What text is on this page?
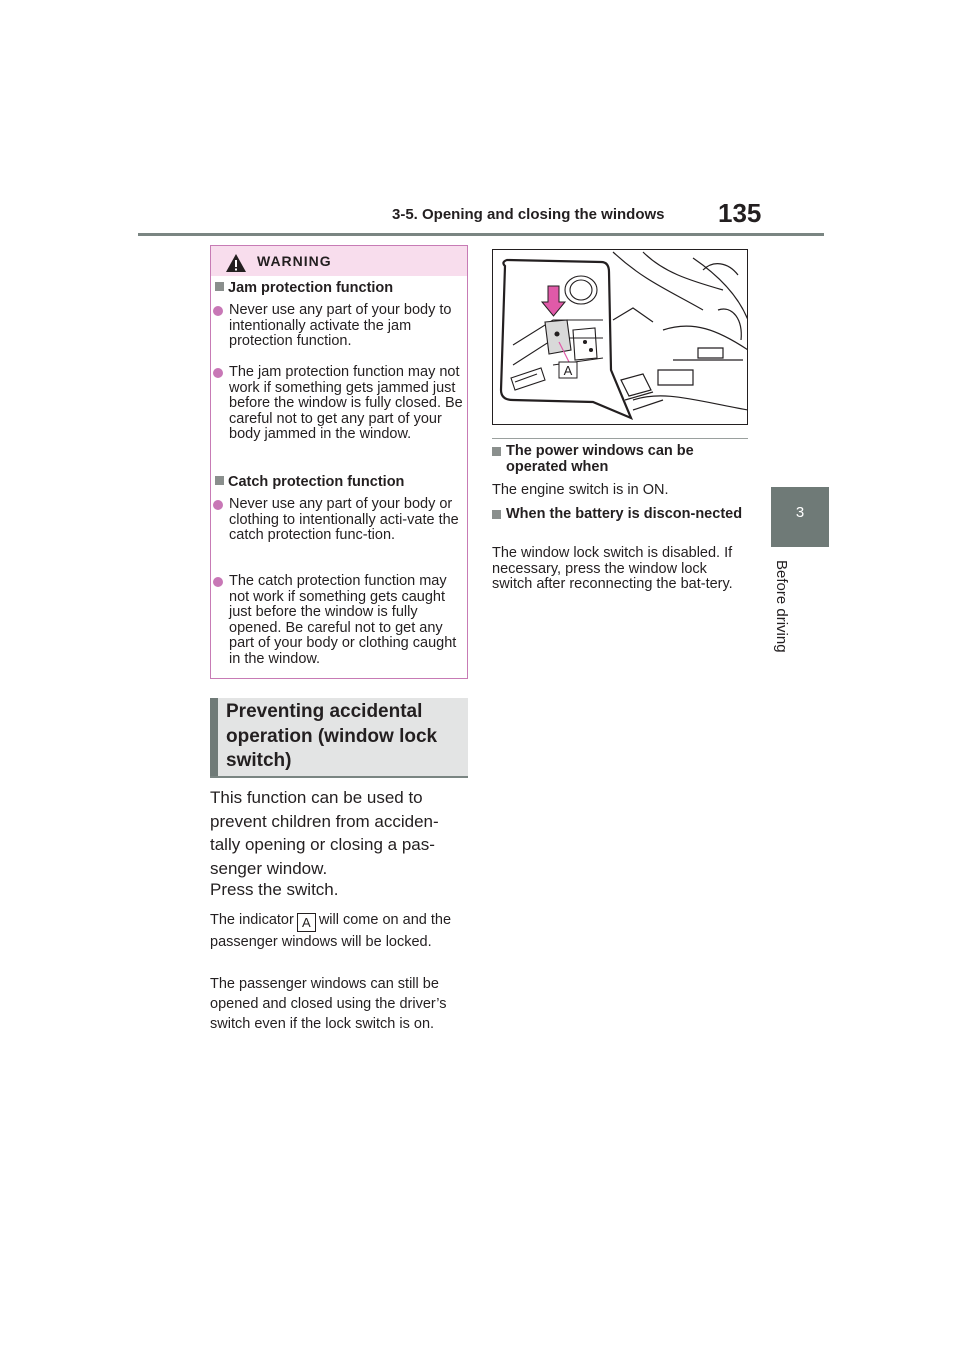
3-5. Opening and closing the windows 135
3
Before driving
WARNING
Jam protection function
Never use any part of your body to intentionally activate the jam protection function.
The jam protection function may not work if something gets jammed just before the window is fully closed. Be careful not to get any part of your body jammed in the window.
Catch protection function
Never use any part of your body or clothing to intentionally acti-vate the catch protection func-tion.
The catch protection function may not work if something gets caught just before the window is fully opened. Be careful not to get any part of your body or clothing caught in the window.
Preventing accidental operation (window lock switch)
This function can be used to prevent children from acciden-tally opening or closing a pas-senger window.
Press the switch.
The indicator A will come on and the passenger windows will be locked.
The passenger windows can still be opened and closed using the driver’s switch even if the lock switch is on.
A
The power windows can be operated when
The engine switch is in ON.
When the battery is discon-nected
The window lock switch is disabled. If necessary, press the window lock switch after reconnecting the bat-tery.
